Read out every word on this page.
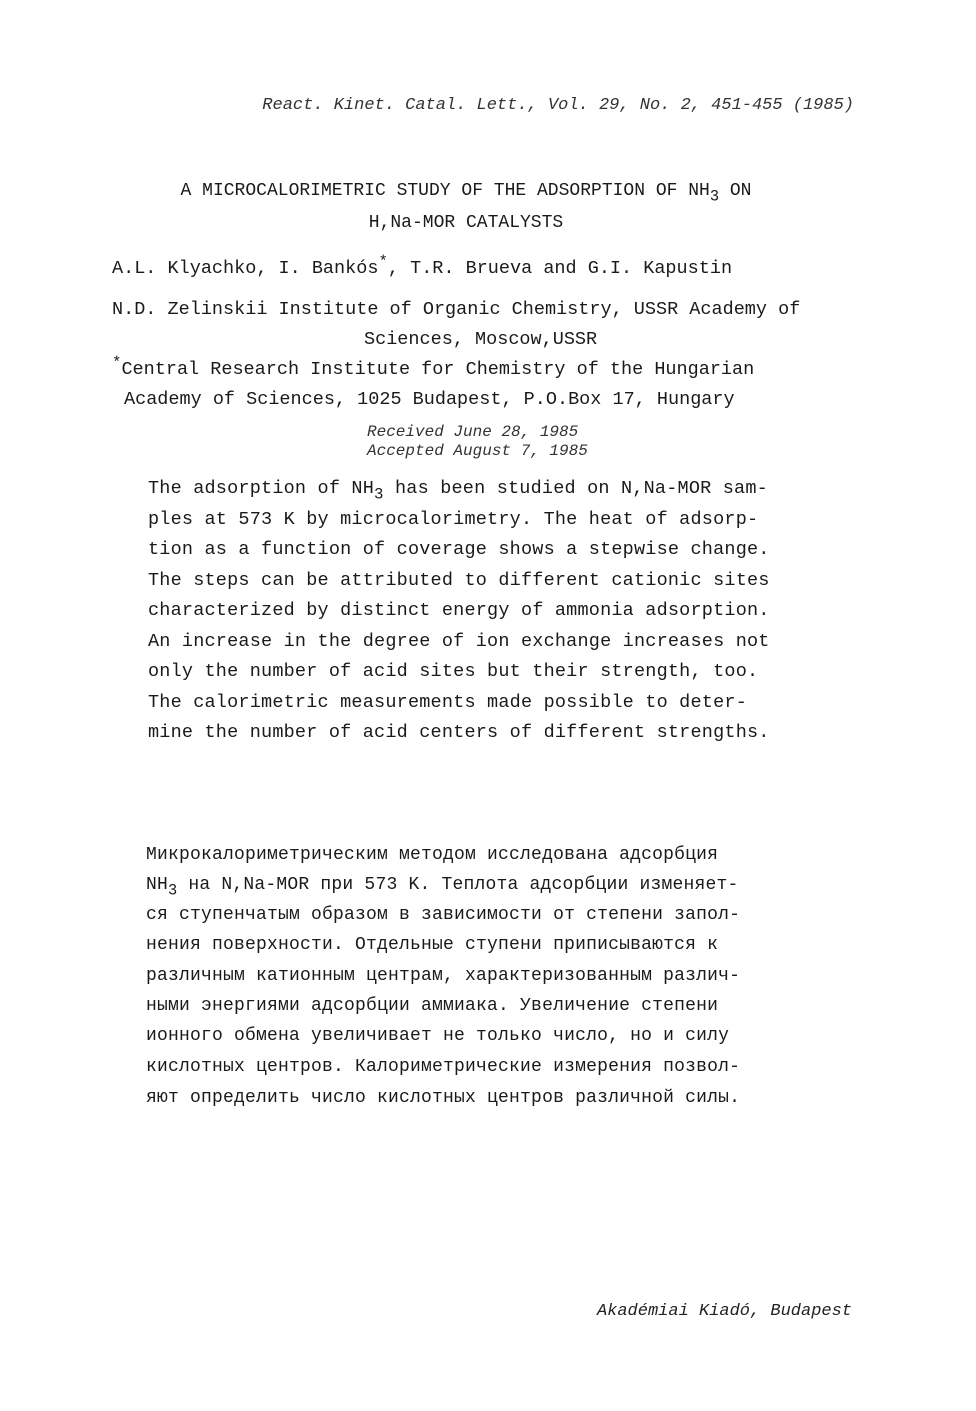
React. Kinet. Catal. Lett., Vol. 29, No. 2, 451-455 (1985)
A MICROCALORIMETRIC STUDY OF THE ADSORPTION OF $NH_3$ ON
H,Na-MOR CATALYSTS
A.L. Klyachko, I. Bankós*, T.R. Brueva and G.I. Kapustin
N.D. Zelinskii Institute of Organic Chemistry, USSR Academy of
Sciences, Moscow,USSR
*Central Research Institute for Chemistry of the Hungarian
Academy of Sciences, 1025 Budapest, P.O.Box 17, Hungary
Received June 28, 1985
Accepted August 7, 1985
The adsorption of $NH_3$ has been studied on N,Na-MOR sam-
ples at 573 K by microcalorimetry. The heat of adsorp-
tion as a function of coverage shows a stepwise change.
The steps can be attributed to different cationic sites
characterized by distinct energy of ammonia adsorption.
An increase in the degree of ion exchange increases not
only the number of acid sites but their strength, too.
The calorimetric measurements made possible to deter-
mine the number of acid centers of different strengths.
Микрокалориметрическим методом исследована адсорбция
$NH_3$ на N,Na-MOR при 573 K. Теплота адсорбции изменяет-
ся ступенчатым образом в зависимости от степени запол-
нения поверхности. Отдельные ступени приписываются к
различным катионным центрам, характеризованным различ-
ными энергиями адсорбции аммиака. Увеличение степени
ионного обмена увеличивает не только число, но и силу
кислотных центров. Калориметрические измерения позвол-
яют определить число кислотных центров различной силы.
Akadémiai Kiadó, Budapest
